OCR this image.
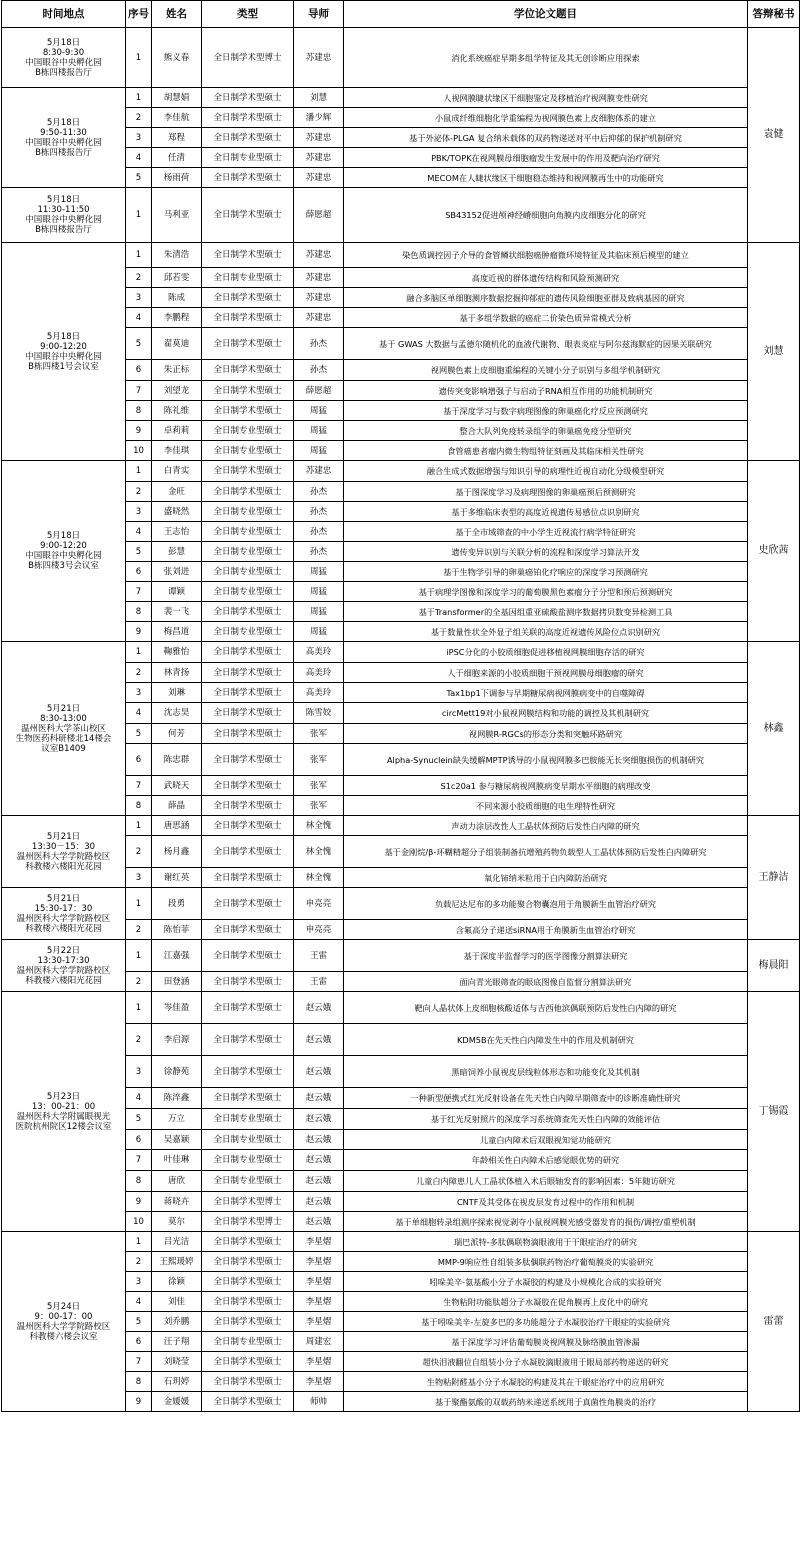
时间地点	序号	姓名	类型	导师	学位论文题目	答辩秘书

5月18日
8:30-9:30
中国眼谷中央孵化园
B栋四楼报告厅	1	熊义春	全日制学术型博士	苏建忠	消化系统癌症早期多组学特征及其无创诊断应用探索	袁健

5月18日
9:50-11:30
中国眼谷中央孵化园
B栋四楼报告厅	1	胡慧娟	全日制学术型硕士	刘慧	人视网膜睫状缘区干细胞鉴定及移植治疗视网膜变性研究	
	2	李佳航	全日制学术型硕士	潘少辉	小鼠成纤维细胞化学重编程为视网膜色素上皮细胞体系的建立	
	3	郑程	全日制学术型硕士	苏建忠	基于外泌体-PLGA 复合纳米载体的双药物递送对平中后抑郁的保护机制研究	
	4	任清	全日制专业型硕士	苏建忠	PBK/TOPK在视网膜母细胞瘤发生发展中的作用及靶向治疗研究	
	5	杨雨荷	全日制学术型硕士	苏建忠	MECOM在人睫状缘区干细胞稳态维持和视网膜再生中的功能研究	

5月18日
11:30-11:50
中国眼谷中央孵化园
B栋四楼报告厅	1	马利亚	全日制学术型硕士	薛愿超	SB43152促进颅神经嵴细胞向角膜内皮细胞分化的研究	

5月18日
9:00-12:20
中国眼谷中央孵化园
B栋四楼1号会议室	1	朱清浩	全日制学术型硕士	苏建忠	染色质调控因子介导的食管鳞状细胞癌肿瘤微环境特征及其临床预后模型的建立	刘慧
	2	邱若雯	全日制专业型硕士	苏建忠	高度近视的群体遗传结构和风险预测研究	
	3	陈成	全日制学术型硕士	苏建忠	融合多脑区单细胞测序数据挖掘抑郁症的遗传风险细胞亚群及致病基因的研究	
	4	李鹏程	全日制学术型硕士	苏建忠	基于多组学数据的癌症二价染色质异常模式分析	
	5	翟莫迪	全日制学术型硕士	孙杰	基于 GWAS 大数据与孟德尔随机化的血液代谢物、眼表炎症与阿尔兹海默症的因果关联研究	
	6	朱正标	全日制学术型硕士	孙杰	视网膜色素上皮细胞重编程的关键小分子识别与多组学机制研究	
	7	刘望龙	全日制学术型硕士	薛愿超	遗传突变影响增强子与启动子RNA相互作用的功能机制研究	
	8	陈礼维	全日制学术型硕士	周猛	基于深度学习与数字病理图像的卵巢癌化疗反应预测研究	
	9	卓莉莉	全日制专业型硕士	周猛	整合大队列免疫转录组学的卵巢癌免疫分型研究	
	10	李佳琪	全日制专业型硕士	周猛	食管癌患者瘤内微生物组特征刻画及其临床相关性研究	

5月18日
9:00-12:20
中国眼谷中央孵化园
B栋四楼3号会议室	1	白青实	全日制学术型硕士	苏建忠	融合生成式数据增强与知识引导的病理性近视自动化分级模型研究	史欣茜
	2	金旺	全日制学术型硕士	孙杰	基于图深度学习及病理图像的卵巢癌预后预测研究	
	3	盛晓然	全日制专业型硕士	孙杰	基于多维临床表型的高度近视遗传易感位点识别研究	
	4	王志怡	全日制专业型硕士	孙杰	基于全市域筛查的中小学生近视流行病学特征研究	
	5	彭慧	全日制专业型硕士	孙杰	遗传变异识别与关联分析的流程和深度学习算法开发	
	6	张刘进	全日制专业型硕士	周猛	基于生物学引导的卵巢癌铂化疗响应的深度学习预测研究	
	7	谭颖	全日制专业型硕士	周猛	基于病理学图像和深度学习的葡萄膜黑色素瘤分子分型和预后预测研究	
	8	裴一飞	全日制学术型硕士	周猛	基于Transformer的全基因组重亚硫酸盐测序数据拷贝数变异检测工具	
	9	梅昌道	全日制专业型硕士	周猛	基于数量性状全外显子组关联的高度近视遗传风险位点识别研究	

5月21日
8:30-13:00
温州医科大学茶山校区
生物医药科研楼北14楼会
议室B1409	1	鞠雅怡	全日制学术型硕士	高美玲	iPSC分化的小胶质细胞促进移植视网膜细胞存活的研究	林鑫
	2	林青扬	全日制学术型硕士	高美玲	人干细胞来源的小胶质细胞干预视网膜母细胞瘤的研究	
	3	刘琳	全日制学术型硕士	高美玲	Tax1bp1下调参与早期糖尿病视网膜病变中的自噬障碍	
	4	沈志昊	全日制学术型硕士	陈雪姣	circMett19对小鼠视网膜结构和功能的调控及其机制研究	
	5	何芳	全日制学术型硕士	张军	视网膜R-RGCs的形态分类和突触环路研究	
	6	陈忠群	全日制学术型硕士	张军	Alpha-Synuclein缺失缓解MPTP诱导的小鼠视网膜多巴胺能无长突细胞损伤的机制研究	
	7	武晓天	全日制学术型硕士	张军	S1c20a1 参与糖尿病视网膜病变早期水平细胞的病理改变	
	8	薛晶	全日制学术型硕士	张军	不同来源小胶质细胞的电生理特性研究	

5月21日
13:30－15：30
温州医科大学学院路校区
科教楼六楼阳光花园	1	唐思涵	全日制学术型硕士	林全愧	声动力涂层改性人工晶状体预防后发性白内障的研究	王静洁
	2	杨月鑫	全日制学术型硕士	林全愧	基于金刚烷/β-环糊精超分子组装制备抗增殖药物负载型人工晶状体预防后发性白内障研究	
	3	谢红英	全日制学术型硕士	林全愧	氧化铈纳米粒用于白内障防治研究	

5月21日
15:30-17：30
温州医科大学学院路校区
科教楼六楼阳光花园	1	段勇	全日制学术型硕士	申亮亮	负载尼达尼布的多功能聚合物囊泡用于角膜新生血管治疗研究	
	2	陈怡菲	全日制学术型硕士	申亮亮	含氟高分子递送siRNA用于角膜新生血管治疗研究	

5月22日
13:30-17:30
温州医科大学学院路校区
科教楼六楼阳光花园	1	江嘉强	全日制学术型硕士	王雷	基于深度半监督学习的医学图像分割算法研究	梅晨阳
	2	田登涵	全日制学术型硕士	王雷	面向青光眼筛查的眼底图像自监督分割算法研究	

5月23日
13：00-21：00
温州医科大学附属眼视光
医院杭州院区12楼会议室	1	岑佳盈	全日制学术型硕士	赵云娥	靶向人晶状体上皮细胞核酸适体与吉西他滨偶联预防后发性白内障的研究	丁锡霞
	2	李启源	全日制学术型硕士	赵云娥	KDM5B在先天性白内障发生中的作用及机制研究	
	3	徐静苑	全日制学术型硕士	赵云娥	黑暗饲养小鼠视皮层线粒体形态和功能变化及其机制	
	4	陈淬鑫	全日制学术型硕士	赵云娥	一种新型便携式红光反射设备在先天性白内障早期筛查中的诊断准确性研究	
	5	万立	全日制专业型硕士	赵云娥	基于红光反射照片的深度学习系统筛查先天性白内障的效能评估	
	6	吴嘉颖	全日制专业型硕士	赵云娥	儿童白内障术后双眼视知觉功能研究	
	7	叶佳琳	全日制专业型硕士	赵云娥	年龄相关性白内障术后感觉眼优势的研究	
	8	唐欣	全日制专业型硕士	赵云娥	儿童白内障患儿人工晶状体植入术后眼轴发育的影响因素：5年随访研究	
	9	蒋晓卉	全日制学术型博士	赵云娥	CNTF及其受体在视皮层发育过程中的作用和机制	
	10	莫尔	全日制学术型博士	赵云娥	基于单细胞转录组测序探索视觉剥夺小鼠视网膜光感受器发育的损伤/调控/重塑机制	

5月24日
9：00-17：00
温州医科大学学院路校区
科教楼六楼会议室	1	吕光洁	全日制学术型硕士	李星熠	瑞巴派特-多肽偶联物滴眼液用于干眼症治疗的研究	雷蕾
	2	王熙瑗婷	全日制学术型硕士	李星熠	MMP-9响应性自组装多肽偶联药物治疗葡萄膜炎的实验研究	
	3	徐颖	全日制学术型硕士	李星熠	吲哚美辛-氨基酸小分子水凝胶的构建及小规模化合成的实验研究	
	4	刘佳	全日制学术型硕士	李星熠	生物粘附功能肽超分子水凝胶在促角膜再上皮化中的研究	
	5	刘乔鹏	全日制学术型硕士	李星熠	基于吲哚美辛-左旋多巴的多功能超分子水凝胶治疗干眼症的实验研究	
	6	汪子翔	全日制专业型硕士	周建宏	基于深度学习评估葡萄膜炎视网膜及脉络膜血管渗漏	
	7	刘晓莹	全日制学术型硕士	李星熠	超快泪液翻位自组装小分子水凝胶滴眼液用于眼局部药物递送的研究	
	8	石玥婷	全日制学术型硕士	李星熠	生物粘附醛基小分子水凝胶的构建及其在干眼症治疗中的应用研究	
	9	金媛媛	全日制学术型硕士	师帅	基于聚酯氨酸的双载药纳米递送系统用于真菌性角膜炎的治疗	
